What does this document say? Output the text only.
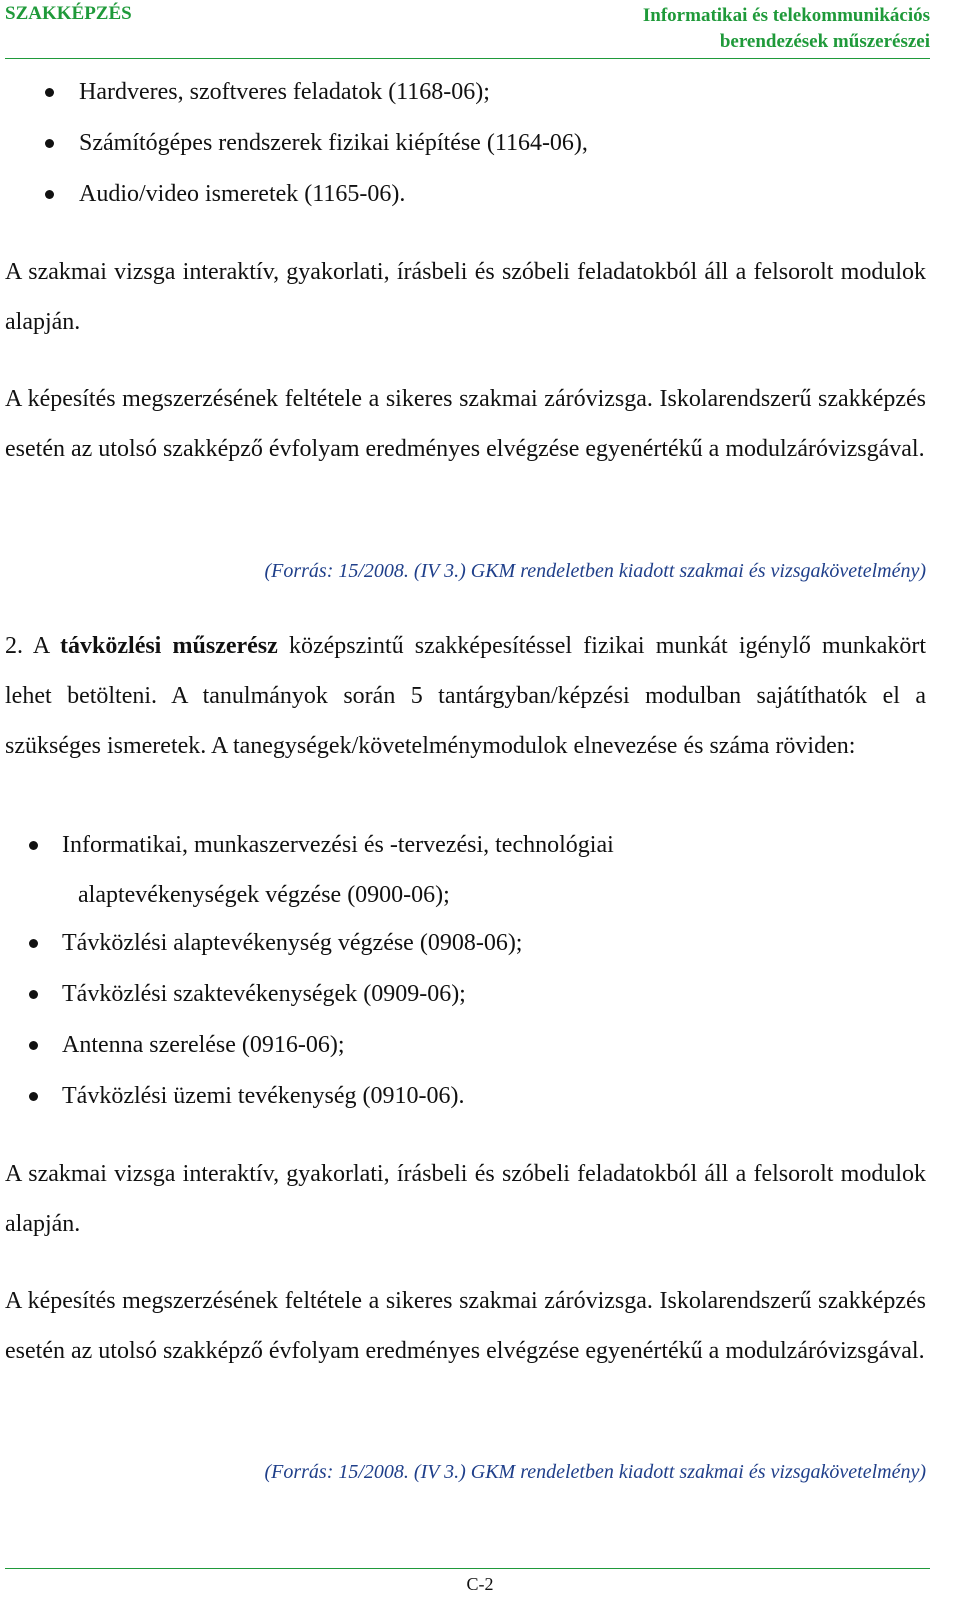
SZAKKÉPZÉS	Informatikai és telekommunikációs
berendezések műszerészei
Hardveres, szoftveres feladatok (1168-06);
Számítógépes rendszerek fizikai kiépítése (1164-06),
Audio/video ismeretek (1165-06).
A szakmai vizsga interaktív, gyakorlati, írásbeli és szóbeli feladatokból áll a felsorolt modulok alapján.
A képesítés megszerzésének feltétele a sikeres szakmai záróvizsga. Iskolarendszerű szakképzés esetén az utolsó szakképző évfolyam eredményes elvégzése egyenértékű a modulzáróvizsgával.
(Forrás: 15/2008. (IV 3.) GKM rendeletben kiadott szakmai és vizsgakövetelmény)
2. A távközlési műszerész középszintű szakképesítéssel fizikai munkát igénylő munkakört lehet betölteni. A tanulmányok során 5 tantárgyban/képzési modulban sajátíthatók el a szükséges ismeretek. A tanegységek/követelménymodulok elnevezése és száma röviden:
Informatikai, munkaszervezési és -tervezési, technológiai
alaptevékenységek végzése (0900-06);
Távközlési alaptevékenység végzése (0908-06);
Távközlési szaktevékenységek (0909-06);
Antenna szerelése (0916-06);
Távközlési üzemi tevékenység (0910-06).
A szakmai vizsga interaktív, gyakorlati, írásbeli és szóbeli feladatokból áll a felsorolt modulok alapján.
A képesítés megszerzésének feltétele a sikeres szakmai záróvizsga. Iskolarendszerű szakképzés esetén az utolsó szakképző évfolyam eredményes elvégzése egyenértékű a modulzáróvizsgával.
(Forrás: 15/2008. (IV 3.) GKM rendeletben kiadott szakmai és vizsgakövetelmény)
C-2
